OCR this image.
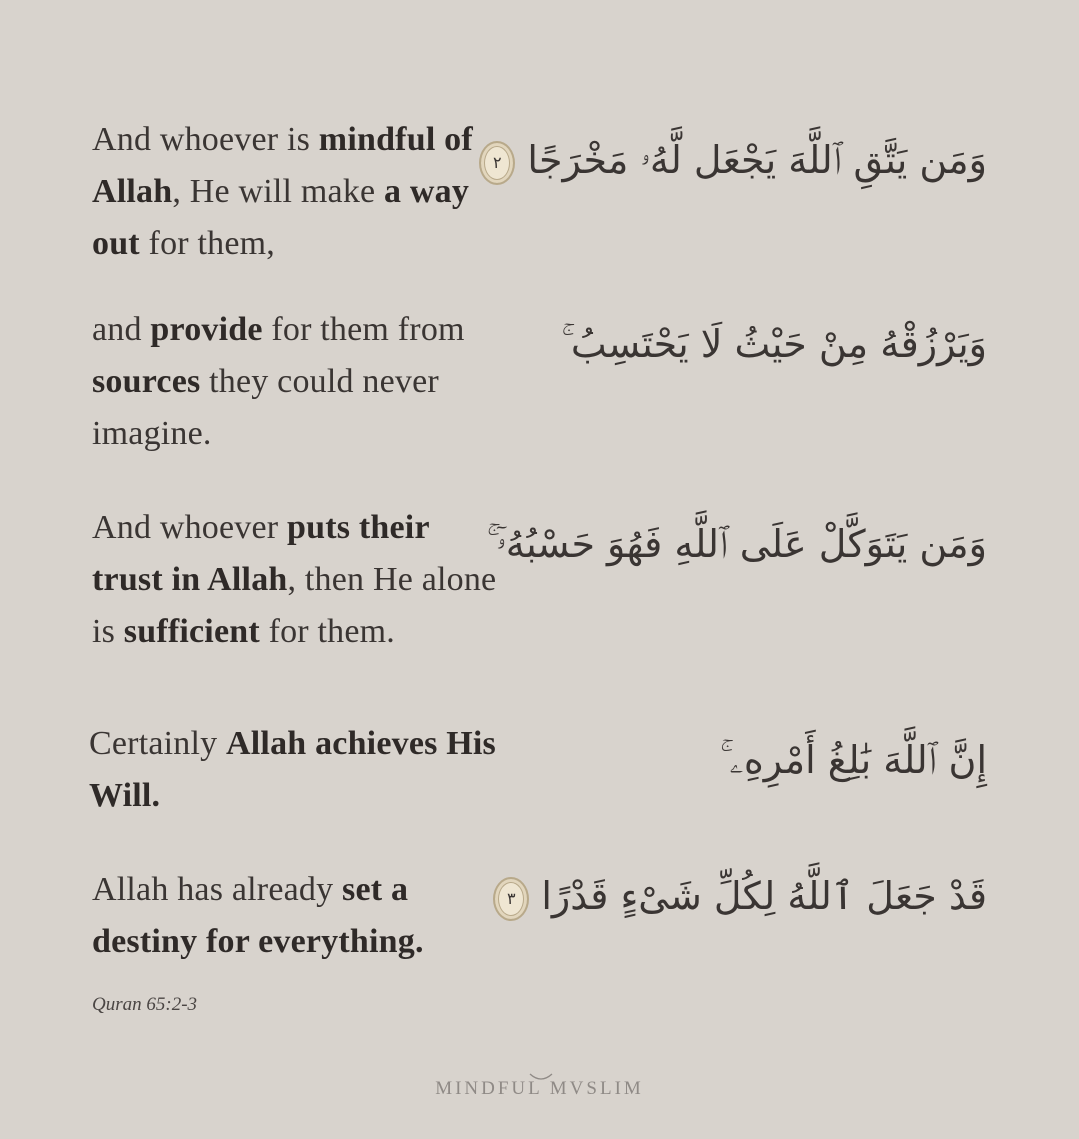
And whoever is mindful of Allah, He will make a way out for them,
وَمَن يَتَّقِ ٱللَّهَ يَجْعَل لَّهُۥ مَخْرَجًا ٢
and provide for them from sources they could never imagine.
وَيَرْزُقْهُ مِنْ حَيْثُ لَا يَحْتَسِبُ ۚ
And whoever puts their trust in Allah, then He alone is sufficient for them.
وَمَن يَتَوَكَّلْ عَلَى ٱللَّهِ فَهُوَ حَسْبُهُۥٓ ۚ
Certainly Allah achieves His Will.
إِنَّ ٱللَّهَ بَٰلِغُ أَمْرِهِۦ ۚ
Allah has already set a destiny for everything.
قَدْ جَعَلَ ٱللَّهُ لِكُلِّ شَىْءٍ قَدْرًا ٣
Quran 65:2-3
MINDFUL MVSLIM
